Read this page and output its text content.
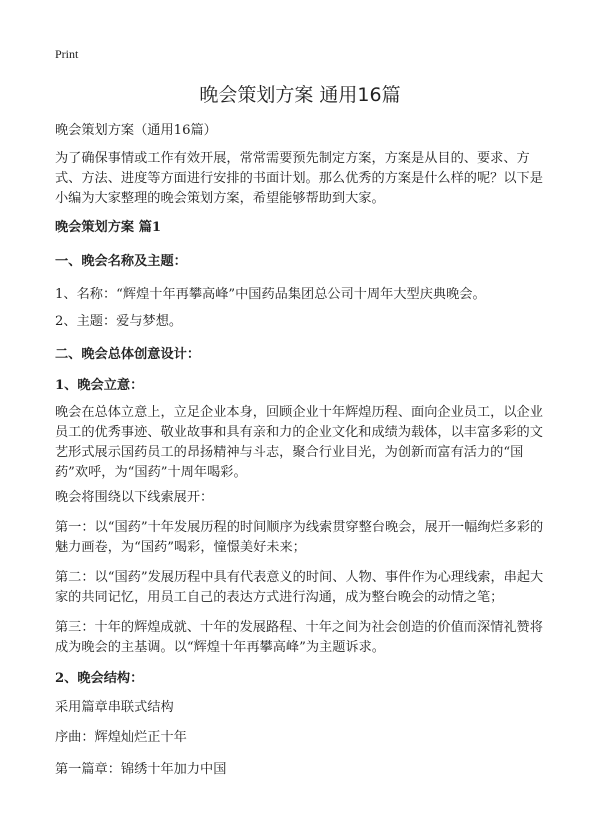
Print
晚会策划方案 通用16篇

晚会策划方案（通用16篇）

为了确保事情或工作有效开展，常常需要预先制定方案，方案是从目的、要求、方式、方法、进度等方面进行安排的书面计划。那么优秀的方案是什么样的呢？以下是小编为大家整理的晚会策划方案，希望能够帮助到大家。

晚会策划方案 篇1

一、晚会名称及主题：

1、名称：“辉煌十年再攀高峰”中国药品集团总公司十周年大型庆典晚会。

2、主题：爱与梦想。

二、晚会总体创意设计：

1、晚会立意：

晚会在总体立意上，立足企业本身，回顾企业十年辉煌历程、面向企业员工，以企业员工的优秀事迹、敬业故事和具有亲和力的企业文化和成绩为载体，以丰富多彩的文艺形式展示国药员工的昂扬精神与斗志，聚合行业目光，为创新而富有活力的“国药”欢呼，为“国药”十周年喝彩。

晚会将围绕以下线索展开：

第一：以“国药”十年发展历程的时间顺序为线索贯穿整台晚会，展开一幅绚烂多彩的魅力画卷，为“国药”喝彩，憧憬美好未来；

第二：以“国药”发展历程中具有代表意义的时间、人物、事件作为心理线索，串起大家的共同记忆，用员工自己的表达方式进行沟通，成为整台晚会的动情之笔；

第三：十年的辉煌成就、十年的发展路程、十年之间为社会创造的价值而深情礼赞将成为晚会的主基调。以“辉煌十年再攀高峰”为主题诉求。

2、晚会结构：

采用篇章串联式结构

序曲：辉煌灿烂正十年

第一篇章：锦绣十年加力中国
